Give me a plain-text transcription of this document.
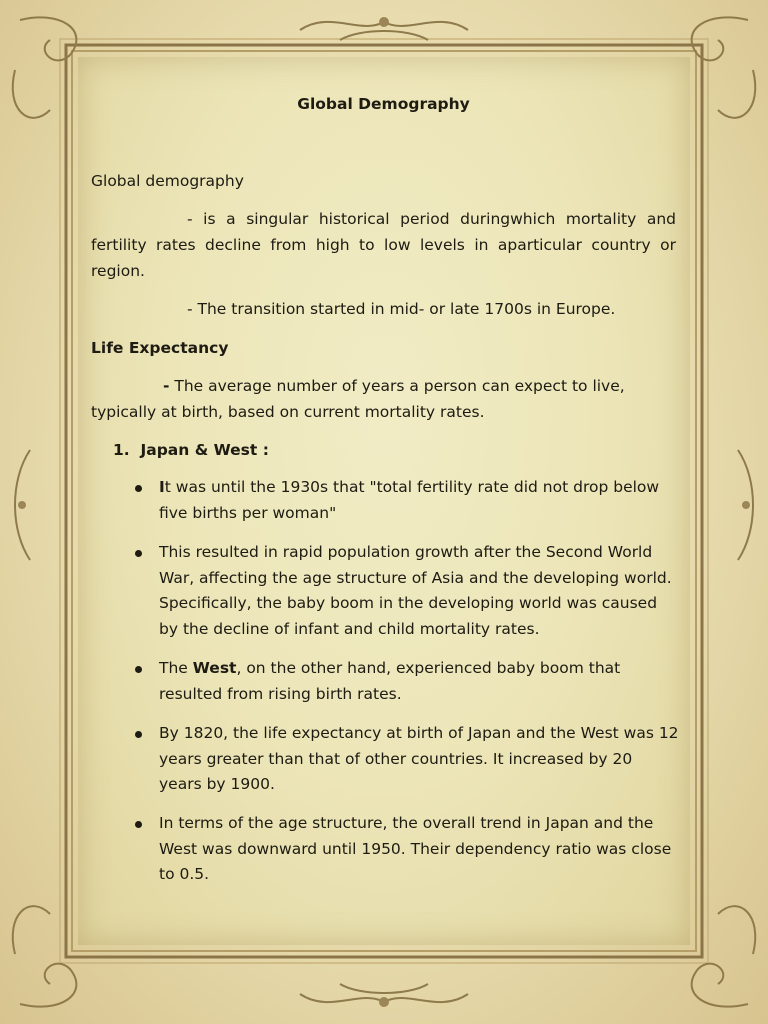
Global Demography

Global demography

- is a singular historical period duringwhich mortality and fertility rates decline from high to low levels in aparticular country or region.

- The transition started in mid- or late 1700s in Europe.

Life Expectancy

- The average number of years a person can expect to live, typically at birth, based on current mortality rates.

1. Japan & West :
It was until the 1930s that "total fertility rate did not drop below five births per woman"
This resulted in rapid population growth after the Second World War, affecting the age structure of Asia and the developing world. Specifically, the baby boom in the developing world was caused by the decline of infant and child mortality rates.
The West, on the other hand, experienced baby boom that resulted from rising birth rates.
By 1820, the life expectancy at birth of Japan and the West was 12 years greater than that of other countries. It increased by 20 years by 1900.
In terms of the age structure, the overall trend in Japan and the West was downward until 1950. Their dependency ratio was close to 0.5.
